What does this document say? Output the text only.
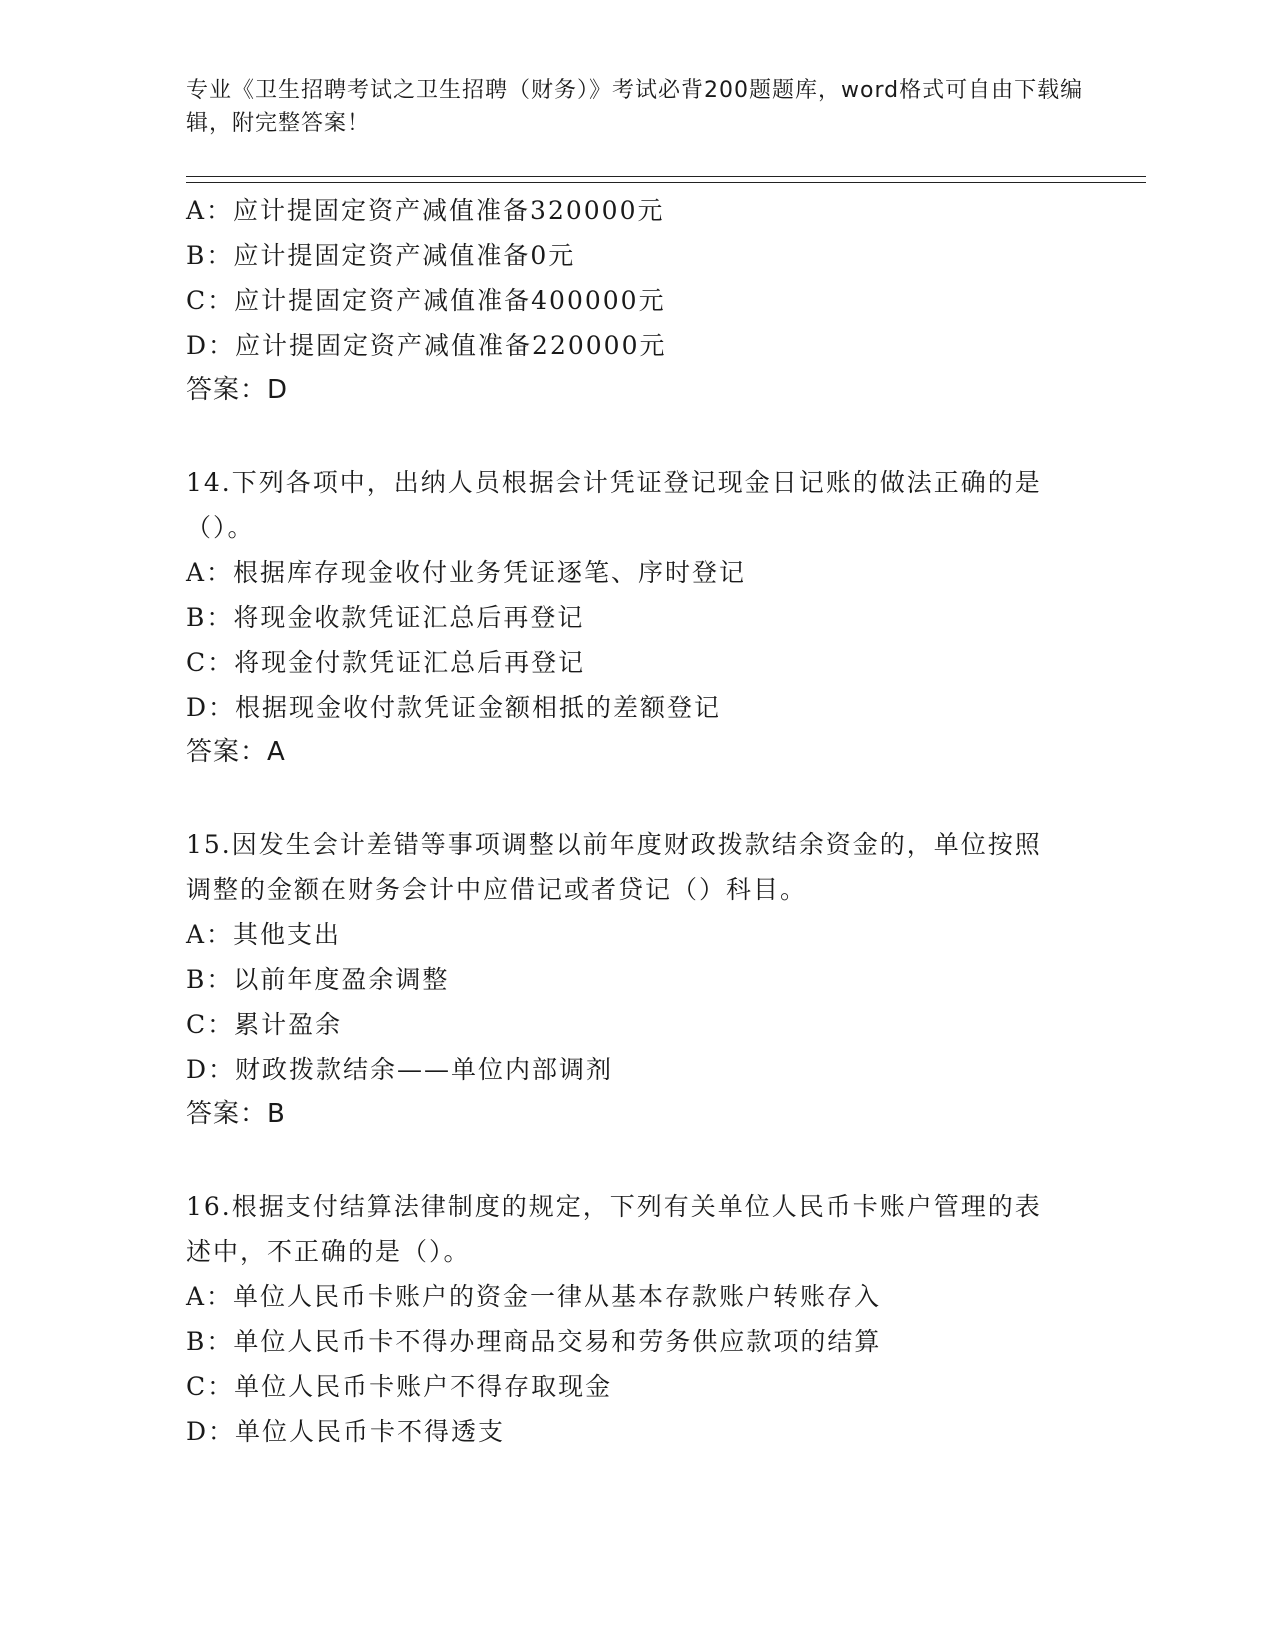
专业《卫生招聘考试之卫生招聘（财务）》考试必背200题题库，word格式可自由下载编辑，附完整答案！
A：应计提固定资产减值准备320000元
B：应计提固定资产减值准备0元
C：应计提固定资产减值准备400000元
D：应计提固定资产减值准备220000元
答案：D
14.下列各项中，出纳人员根据会计凭证登记现金日记账的做法正确的是（）。
A：根据库存现金收付业务凭证逐笔、序时登记
B：将现金收款凭证汇总后再登记
C：将现金付款凭证汇总后再登记
D：根据现金收付款凭证金额相抵的差额登记
答案：A
15.因发生会计差错等事项调整以前年度财政拨款结余资金的，单位按照调整的金额在财务会计中应借记或者贷记（）科目。
A：其他支出
B：以前年度盈余调整
C：累计盈余
D：财政拨款结余——单位内部调剂
答案：B
16.根据支付结算法律制度的规定，下列有关单位人民币卡账户管理的表述中，不正确的是（）。
A：单位人民币卡账户的资金一律从基本存款账户转账存入
B：单位人民币卡不得办理商品交易和劳务供应款项的结算
C：单位人民币卡账户不得存取现金
D：单位人民币卡不得透支
